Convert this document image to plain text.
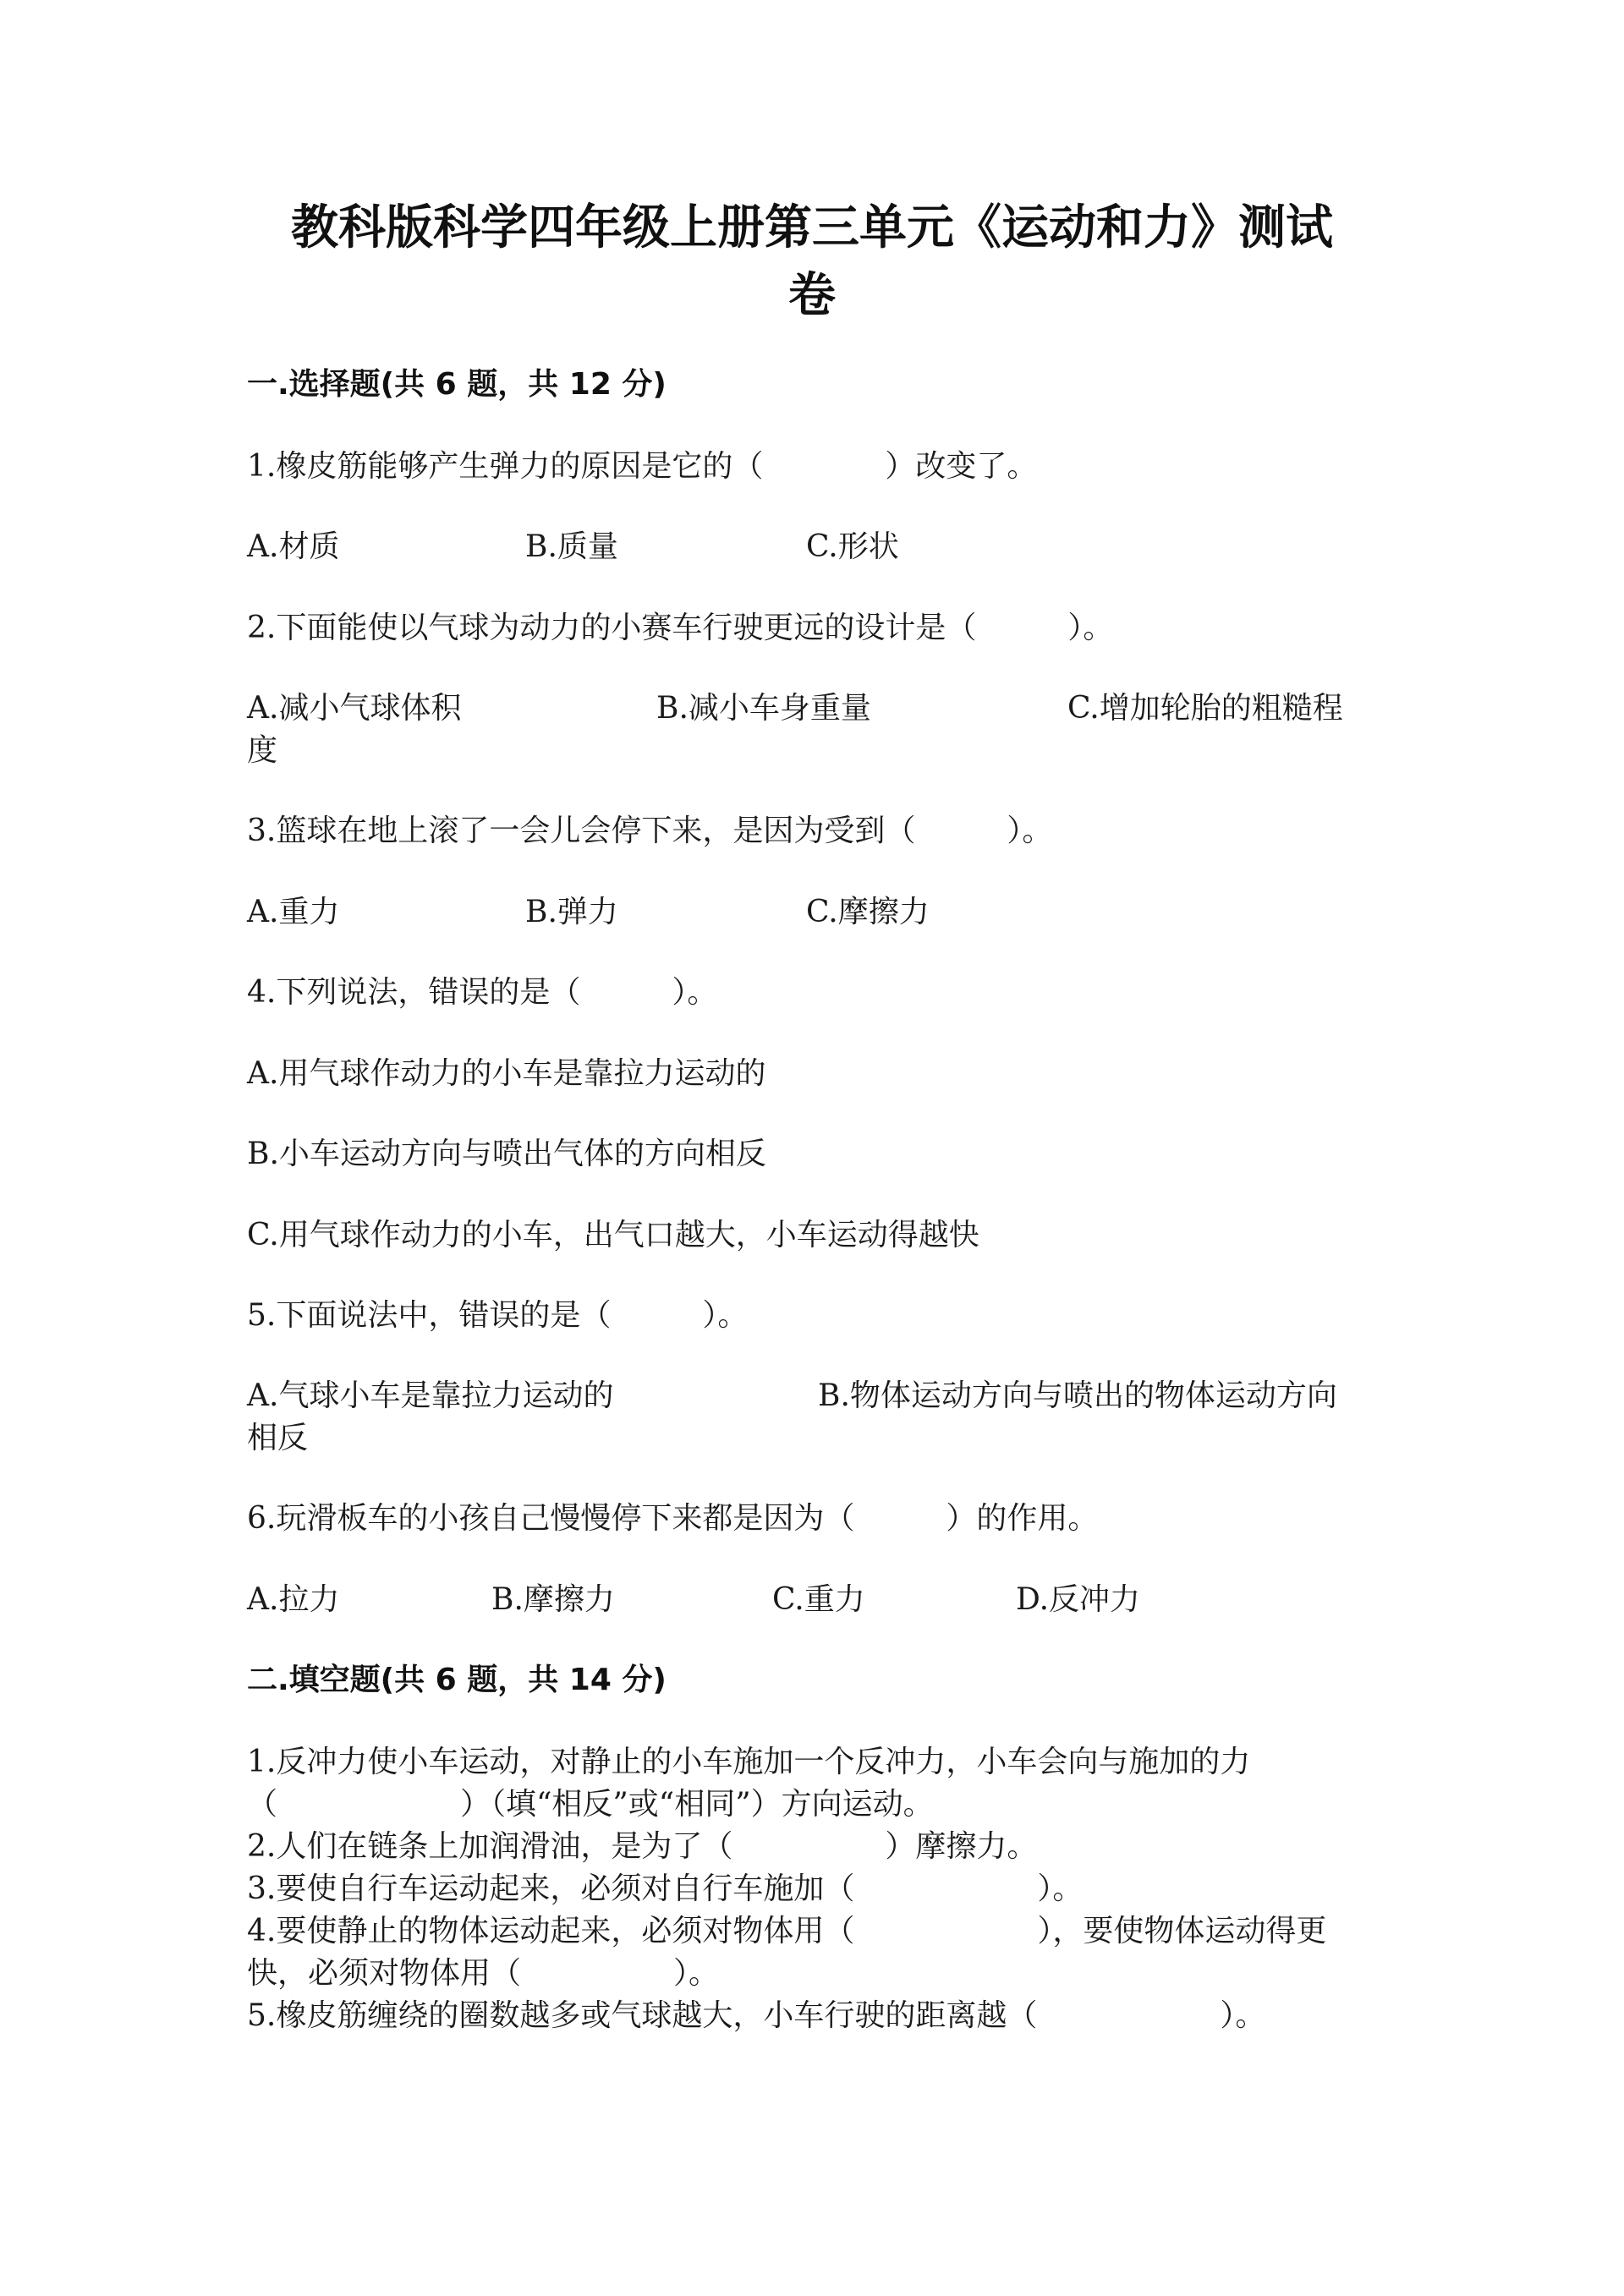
教科版科学四年级上册第三单元《运动和力》测试
卷
一.选择题(共 6 题，共 12 分)
1.橡皮筋能够产生弹力的原因是它的（　　　　）改变了。
A.材质	B.质量	C.形状
2.下面能使以气球为动力的小赛车行驶更远的设计是（　　　）。
A.减小气球体积	B.减小车身重量	C.增加轮胎的粗糙程
度
3.篮球在地上滚了一会儿会停下来，是因为受到（　　　）。
A.重力	B.弹力	C.摩擦力
4.下列说法，错误的是（　　　）。
A.用气球作动力的小车是靠拉力运动的
B.小车运动方向与喷出气体的方向相反
C.用气球作动力的小车，出气口越大，小车运动得越快
5.下面说法中，错误的是（　　　）。
A.气球小车是靠拉力运动的	B.物体运动方向与喷出的物体运动方向
相反
6.玩滑板车的小孩自己慢慢停下来都是因为（　　　）的作用。
A.拉力	B.摩擦力	C.重力	D.反冲力
二.填空题(共 6 题，共 14 分)
1.反冲力使小车运动，对静止的小车施加一个反冲力，小车会向与施加的力
（　　　　　　）（填“相反”或“相同”）方向运动。
2.人们在链条上加润滑油，是为了（　　　　　）摩擦力。
3.要使自行车运动起来，必须对自行车施加（　　　　　　）。
4.要使静止的物体运动起来，必须对物体用（　　　　　　），要使物体运动得更
快，必须对物体用（　　　　　）。
5.橡皮筋缠绕的圈数越多或气球越大，小车行驶的距离越（　　　　　　）。
